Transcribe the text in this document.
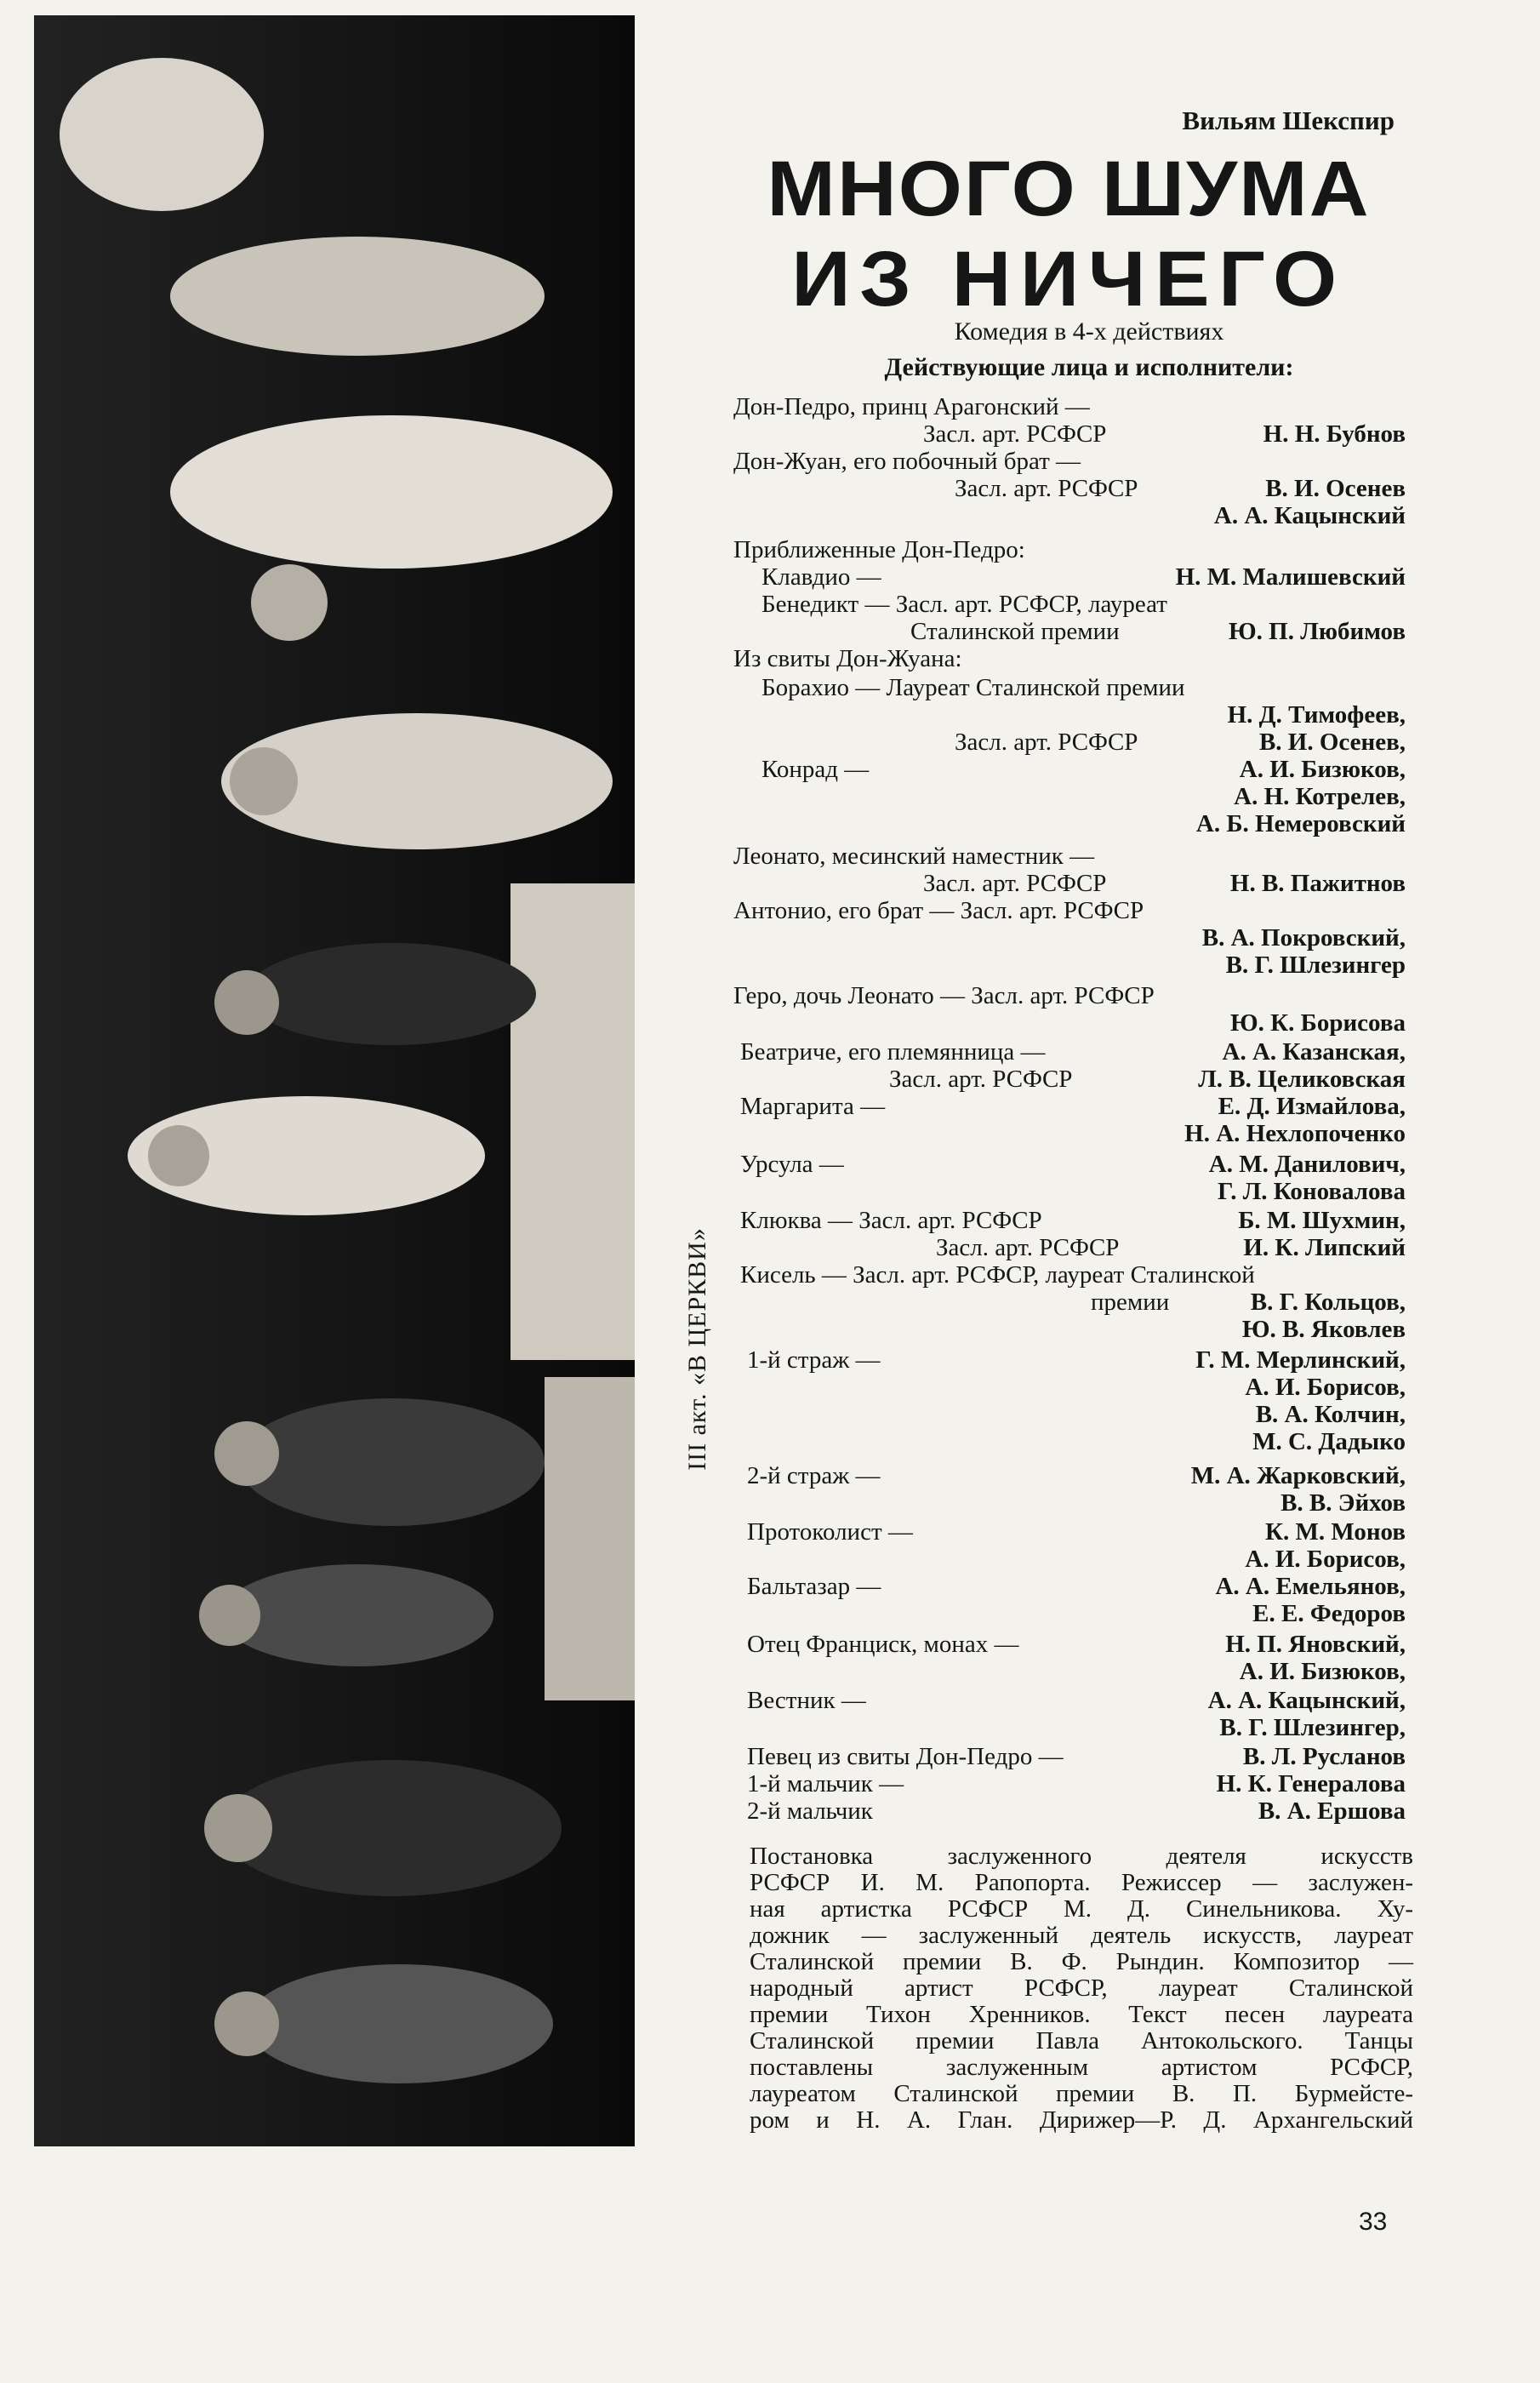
III акт. «В ЦЕРКВИ»
Вильям Шекспир
МНОГО ШУМА
ИЗ НИЧЕГО
Комедия в 4-х действиях
Действующие лица и исполнители:
Дон-Педро, принц Арагонский —
Засл. арт. РСФСР	Н. Н. Бубнов
Дон-Жуан, его побочный брат —
Засл. арт. РСФСР	В. И. Осенев
А. А. Кацынский
Приближенные Дон-Педро:
Клавдио —	Н. М. Малишевский
Бенедикт — Засл. арт. РСФСР, лауреат
Сталинской премии	Ю. П. Любимов
Из свиты Дон-Жуана:
Борахио — Лауреат Сталинской премии
Н. Д. Тимофеев,
Засл. арт. РСФСР	В. И. Осенев,
Конрад —	А. И. Бизюков,
А. Н. Котрелев,
А. Б. Немеровский
Леонато, месинский наместник —
Засл. арт. РСФСР	Н. В. Пажитнов
Антонио, его брат — Засл. арт. РСФСР
В. А. Покровский,
В. Г. Шлезингер
Геро, дочь Леонато — Засл. арт. РСФСР
Ю. К. Борисова
Беатриче, его племянница —	А. А. Казанская,
Засл. арт. РСФСР	Л. В. Целиковская
Маргарита —	Е. Д. Измайлова,
Н. А. Нехлопоченко
Урсула —	А. М. Данилович,
Г. Л. Коновалова
Клюква — Засл. арт. РСФСР	Б. М. Шухмин,
Засл. арт. РСФСР	И. К. Липский
Кисель — Засл. арт. РСФСР, лауреат Сталинской
премии	В. Г. Кольцов,
Ю. В. Яковлев
1-й страж —	Г. М. Мерлинский,
А. И. Борисов,
В. А. Колчин,
М. С. Дадыко
2-й страж —	М. А. Жарковский,
В. В. Эйхов
Протоколист —	К. М. Монов
А. И. Борисов,
Бальтазар —	А. А. Емельянов,
Е. Е. Федоров
Отец Франциск, монах —	Н. П. Яновский,
А. И. Бизюков,
Вестник —	А. А. Кацынский,
В. Г. Шлезингер,
Певец из свиты Дон-Педро —	В. Л. Русланов
1-й мальчик —	Н. К. Генералова
2-й мальчик	В. А. Ершова
Постановка заслуженного деятеля искусств
РСФСР И. М. Рапопорта. Режиссер — заслужен-
ная артистка РСФСР М. Д. Синельникова. Ху-
дожник — заслуженный деятель искусств, лауреат
Сталинской премии В. Ф. Рындин. Композитор —
народный артист РСФСР, лауреат Сталинской
премии Тихон Хренников. Текст песен лауреата
Сталинской премии Павла Антокольского. Танцы
поставлены заслуженным артистом РСФСР,
лауреатом Сталинской премии В. П. Бурмейсте-
ром и Н. А. Глан. Дирижер—Р. Д. Архангельский
33
